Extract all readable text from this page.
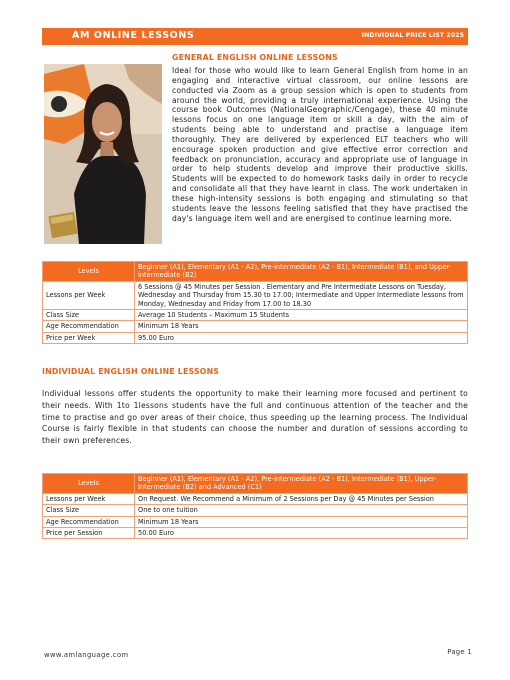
AM ONLINE LESSONS	INDIVIDUAL PRICE LIST 2025
GENERAL ENGLISH ONLINE LESSONS
Ideal for those who would like to learn General English from home in an engaging and interactive virtual classroom, our online lessons are conducted via Zoom as a group session which is open to students from around the world, providing a truly international experience. Using the course book Outcomes (NationalGeographic/Cengage), these 40 minute lessons focus on one language item or skill a day, with the aim of students being able to understand and practise a language item thoroughly. They are delivered by experienced ELT teachers who will encourage spoken production and give effective error correction and feedback on pronunciation, accuracy and appropriate use of language in order to help students develop and improve their productive skills. Students will be expected to do homework tasks daily in order to recycle and consolidate all that they have learnt in class. The work undertaken in these high-intensity sessions is both engaging and stimulating so that students leave the lessons feeling satisfied that they have practised the day's language item well and are energised to continue learning more.
Levels	Beginner (A1), Elementary (A1 - A2), Pre-intermediate (A2 - B1), Intermediate (B1), and Upper-intermediate (B2)
Lessons per Week	6 Sessions @ 45 Minutes per Session . Elementary and Pre Intermediate Lessons on Tuesday, Wednesday and Thursday from 15.30 to 17.00; Intermediate and Upper Intermediate lessons from Monday, Wednesday and Friday from 17.00 to 18.30
Class Size	Average 10 Students – Maximum 15 Students
Age Recommendation	Minimum 18 Years
Price per Week	95.00 Euro
INDIVIDUAL ENGLISH ONLINE LESSONS
Individual lessons offer students the opportunity to make their learning more focused and pertinent to their needs. With 1to 1lessons students have the full and continuous attention of the teacher and the time to practise and go over areas of their choice, thus speeding up the learning process. The Individual Course is fairly flexible in that students can choose the number and duration of sessions according to their own preferences.
Levels	Beginner (A1), Elementary (A1 - A2), Pre-intermediate (A2 - B1), Intermediate (B1), Upper-Intermediate (B2) and Advanced (C1)
Lessons per Week	On Request. We Recommend a Minimum of 2 Sessions per Day @ 45 Minutes per Session
Class Size	One to one tuition
Age Recommendation	Minimum 18 Years
Price per Session	50.00 Euro
www.amlanguage.com	Page 1
